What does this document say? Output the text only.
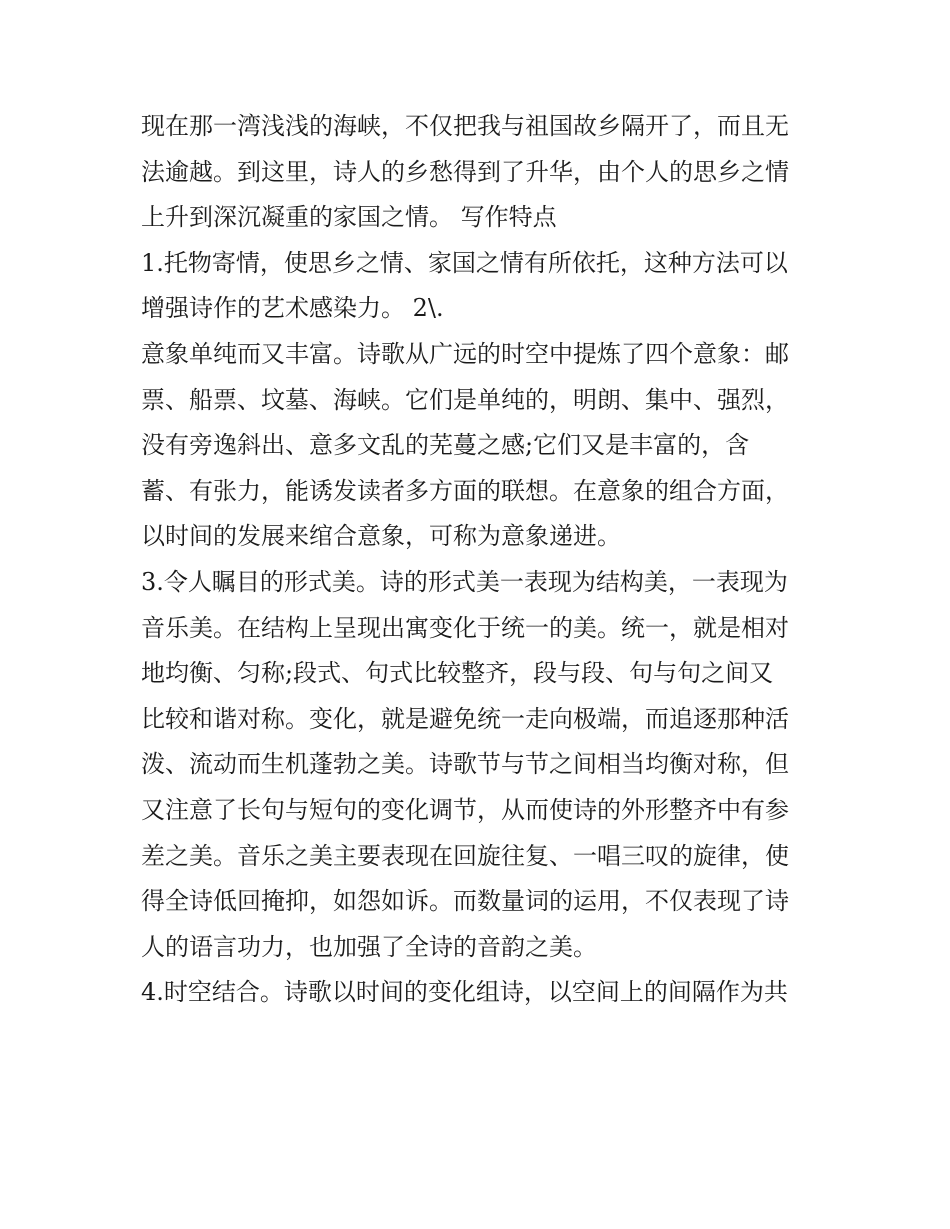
现在那一湾浅浅的海峡，不仅把我与祖国故乡隔开了，而且无
法逾越。到这里，诗人的乡愁得到了升华，由个人的思乡之情
上升到深沉凝重的家国之情。 写作特点
1.托物寄情，使思乡之情、家国之情有所依托，这种方法可以
增强诗作的艺术感染力。 2\.
意象单纯而又丰富。诗歌从广远的时空中提炼了四个意象：邮
票、船票、坟墓、海峡。它们是单纯的，明朗、集中、强烈，
没有旁逸斜出、意多文乱的芜蔓之感;它们又是丰富的，含
蓄、有张力，能诱发读者多方面的联想。在意象的组合方面，
以时间的发展来绾合意象，可称为意象递进。
3.令人瞩目的形式美。诗的形式美一表现为结构美，一表现为
音乐美。在结构上呈现出寓变化于统一的美。统一，就是相对
地均衡、匀称;段式、句式比较整齐，段与段、句与句之间又
比较和谐对称。变化，就是避免统一走向极端，而追逐那种活
泼、流动而生机蓬勃之美。诗歌节与节之间相当均衡对称，但
又注意了长句与短句的变化调节，从而使诗的外形整齐中有参
差之美。音乐之美主要表现在回旋往复、一唱三叹的旋律，使
得全诗低回掩抑，如怨如诉。而数量词的运用，不仅表现了诗
人的语言功力，也加强了全诗的音韵之美。
4.时空结合。诗歌以时间的变化组诗，以空间上的间隔作为共
